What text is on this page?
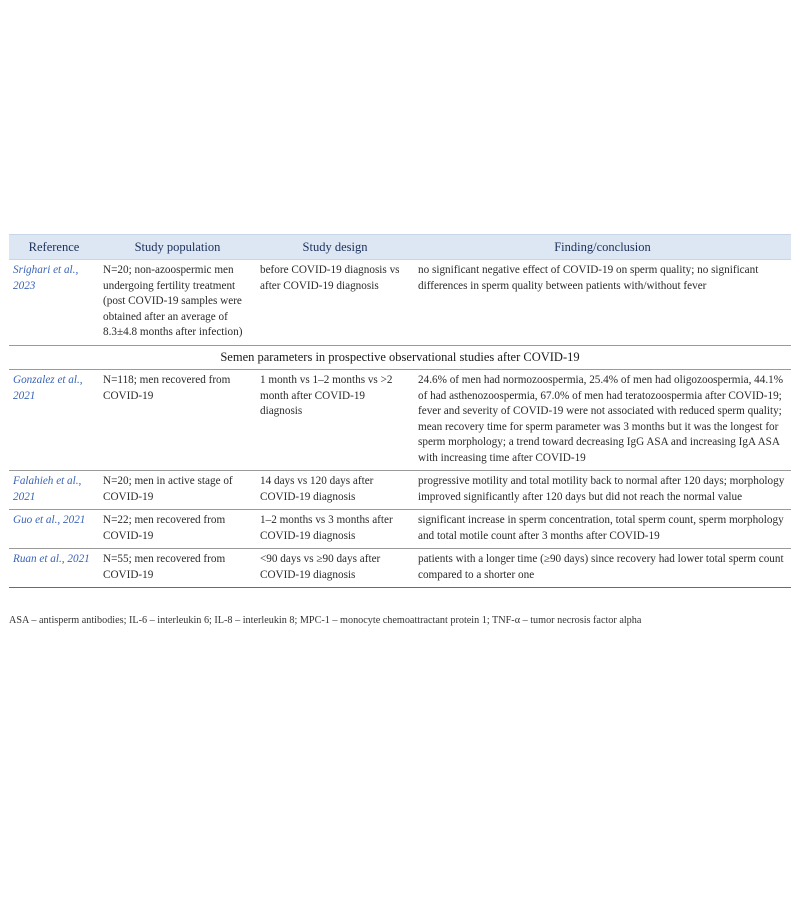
Reference	Study population	Study design	Finding/conclusion
Srighari et al., 2023	N=20; non-azoospermic men undergoing fertility treatment (post COVID-19 samples were obtained after an average of 8.3±4.8 months after infection)	before COVID-19 diagnosis vs after COVID-19 diagnosis	no significant negative effect of COVID-19 on sperm quality; no significant differences in sperm quality between patients with/without fever
Semen parameters in prospective observational studies after COVID-19			
Gonzalez et al., 2021	N=118; men recovered from COVID-19	1 month vs 1–2 months vs >2 month after COVID-19 diagnosis	24.6% of men had normozoospermia, 25.4% of men had oligozoospermia, 44.1% of had asthenozoospermia, 67.0% of men had teratozoospermia after COVID-19; fever and severity of COVID-19 were not associated with reduced sperm quality; mean recovery time for sperm parameter was 3 months but it was the longest for sperm morphology; a trend toward decreasing IgG ASA and increasing IgA ASA with increasing time after COVID-19
Falahieh et al., 2021	N=20; men in active stage of COVID-19	14 days vs 120 days after COVID-19 diagnosis	progressive motility and total motility back to normal after 120 days; morphology improved significantly after 120 days but did not reach the normal value
Guo et al., 2021	N=22; men recovered from COVID-19	1–2 months vs 3 months after COVID-19 diagnosis	significant increase in sperm concentration, total sperm count, sperm morphology and total motile count after 3 months after COVID-19
Ruan et al., 2021	N=55; men recovered from COVID-19	<90 days vs ≥90 days after COVID-19 diagnosis	patients with a longer time (≥90 days) since recovery had lower total sperm count compared to a shorter one
ASA – antisperm antibodies; IL-6 – interleukin 6; IL-8 – interleukin 8; MPC-1 – monocyte chemoattractant protein 1; TNF-α – tumor necrosis factor alpha
